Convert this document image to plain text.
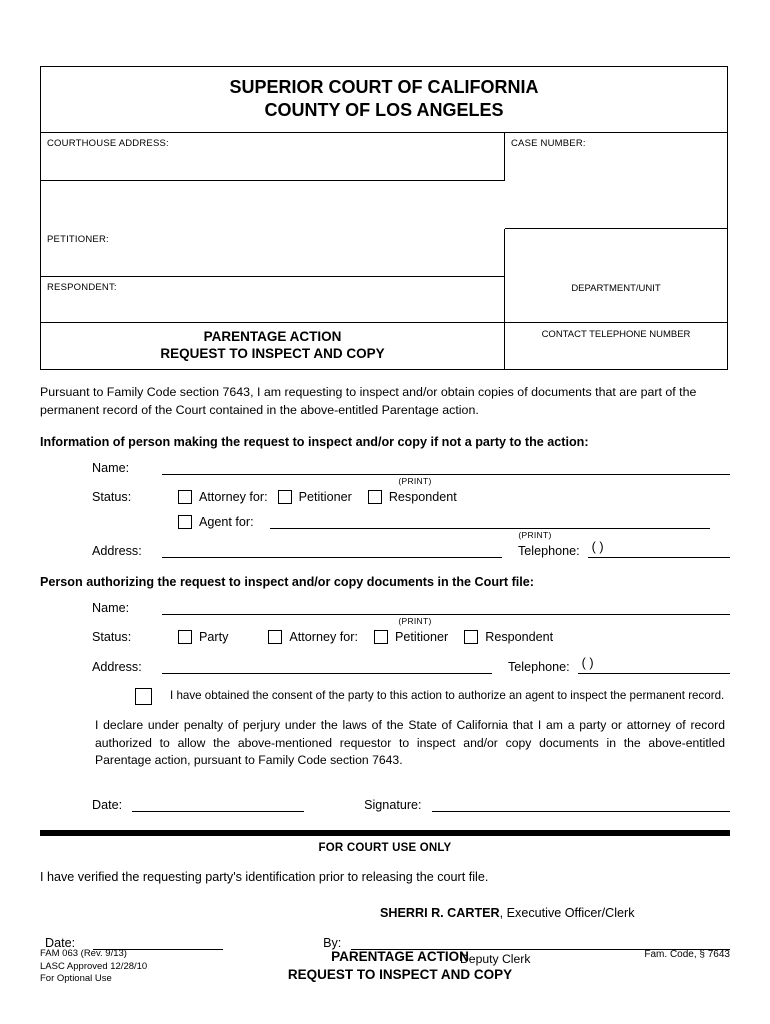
SUPERIOR COURT OF CALIFORNIA
COUNTY OF LOS ANGELES
COURTHOUSE ADDRESS:	CASE NUMBER:
PETITIONER:
RESPONDENT:	DEPARTMENT/UNIT
PARENTAGE ACTION
REQUEST TO INSPECT AND COPY
CONTACT TELEPHONE NUMBER
Pursuant to Family Code section 7643, I am requesting to inspect and/or obtain copies of documents that are part of the permanent record of the Court contained in the above-entitled Parentage action.
Information of person making the request to inspect and/or copy if not a party to the action:
Name:
(PRINT)
Status:	Attorney for: Petitioner	Respondent
Agent for:
(PRINT)
Address:	Telephone: ( )
Person authorizing the request to inspect and/or copy documents in the Court file:
Name:
(PRINT)
Status:	Party	Attorney for:	Petitioner	Respondent
Address:	Telephone: ( )
I have obtained the consent of the party to this action to authorize an agent to inspect the permanent record.
I declare under penalty of perjury under the laws of the State of California that I am a party or attorney of record authorized to allow the above-mentioned requestor to inspect and/or copy documents in the above-entitled Parentage action, pursuant to Family Code section 7643.
Date:	Signature:
FOR COURT USE ONLY
I have verified the requesting party's identification prior to releasing the court file.
SHERRI R. CARTER, Executive Officer/Clerk
Date:	By:
Deputy Clerk
FAM 063 (Rev. 9/13)
LASC Approved 12/28/10
For Optional Use
PARENTAGE ACTION
REQUEST TO INSPECT AND COPY
Fam. Code, § 7643
